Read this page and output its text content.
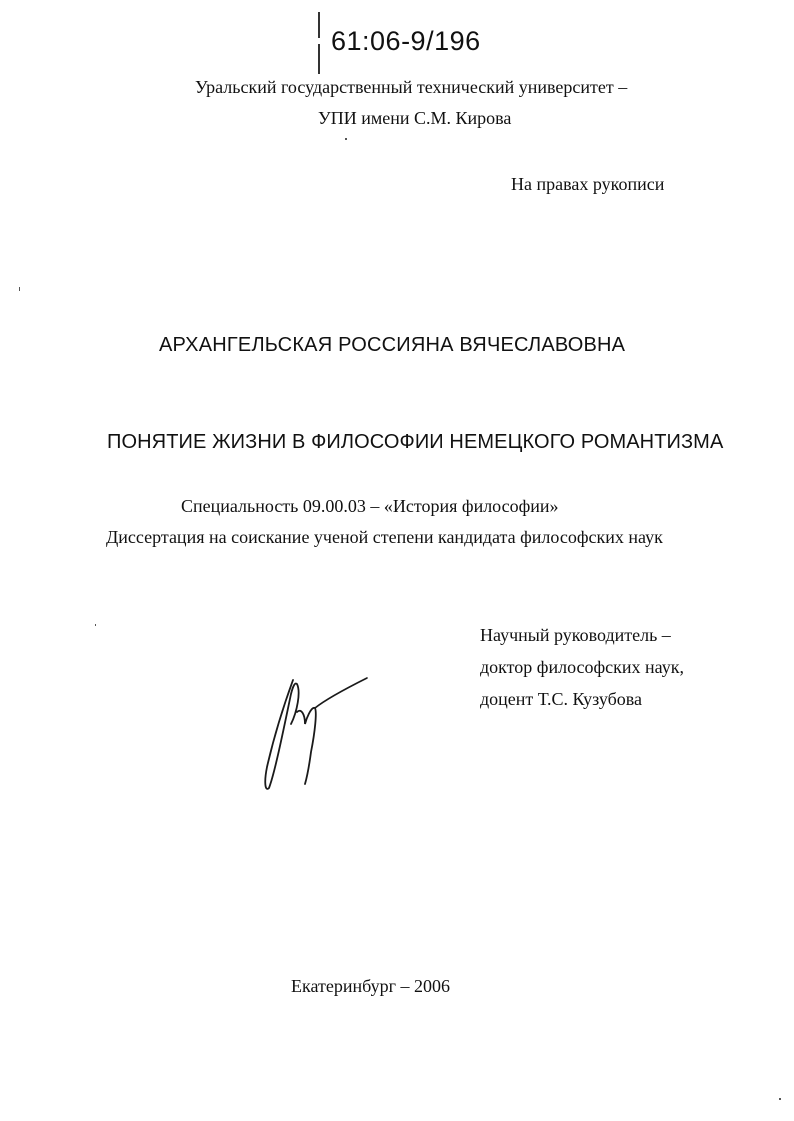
61:06-9/196
Уральский государственный технический университет –
УПИ имени С.М. Кирова
На правах рукописи
АРХАНГЕЛЬСКАЯ РОССИЯНА ВЯЧЕСЛАВОВНА
ПОНЯТИЕ ЖИЗНИ В ФИЛОСОФИИ НЕМЕЦКОГО РОМАНТИЗМА
Специальность 09.00.03 – «История философии»
Диссертация на соискание ученой степени кандидата философских наук
Научный руководитель –
доктор философских наук,
доцент Т.С. Кузубова
Екатеринбург – 2006
